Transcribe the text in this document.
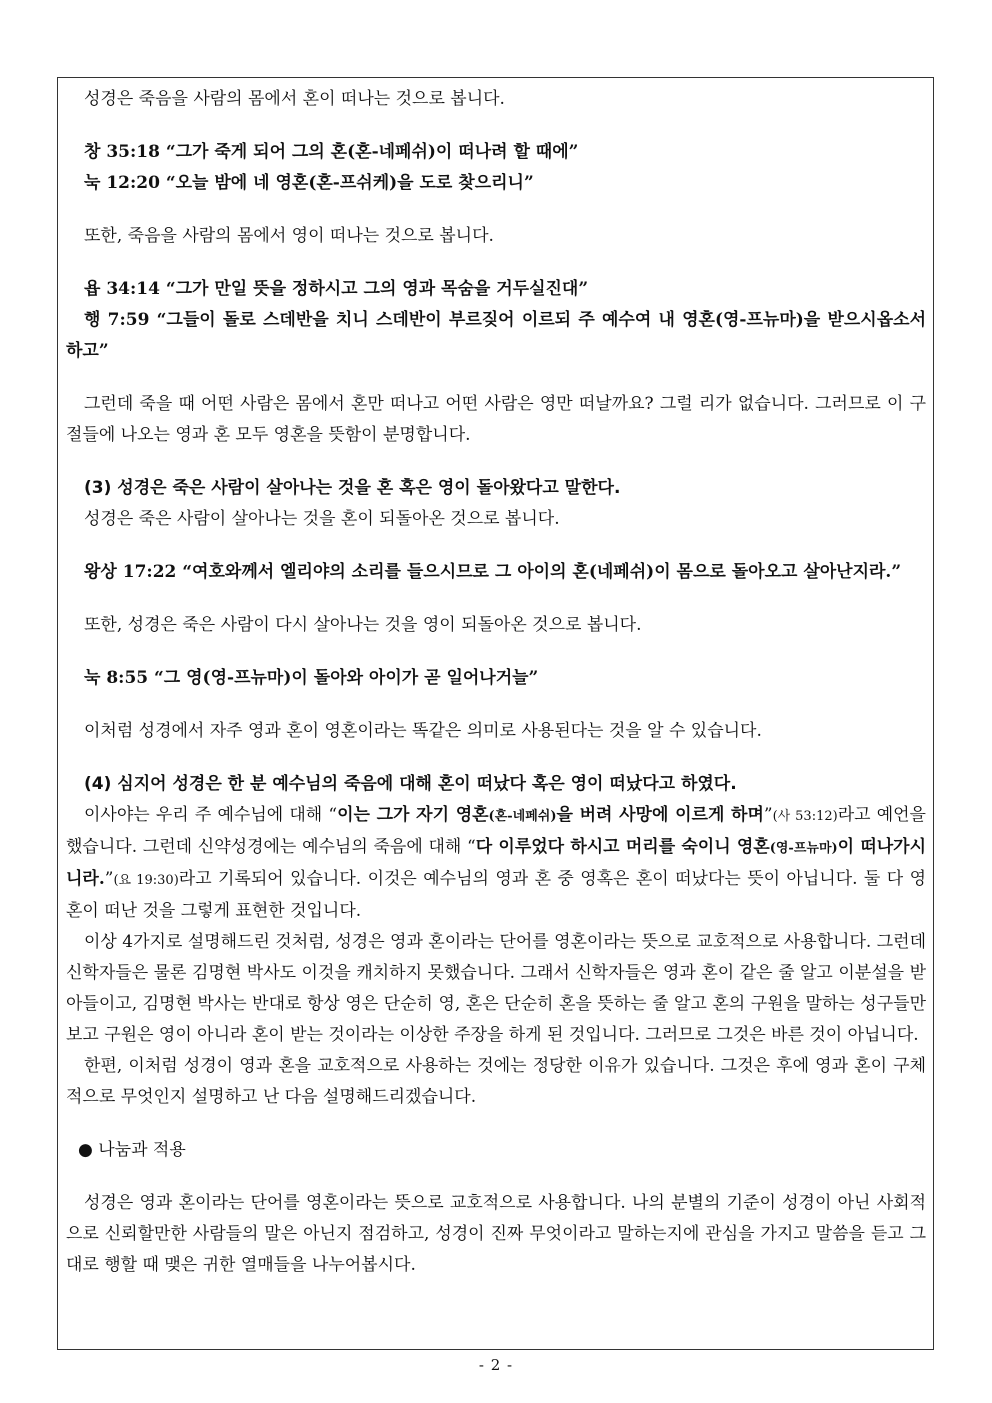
성경은 죽음을 사람의 몸에서 혼이 떠나는 것으로 봅니다.

창 35:18 “그가 죽게 되어 그의 혼(혼-네페쉬)이 떠나려 할 때에”

눅 12:20 “오늘 밤에 네 영혼(혼-프쉬케)을 도로 찾으리니”

또한, 죽음을 사람의 몸에서 영이 떠나는 것으로 봅니다.

욥 34:14 “그가 만일 뜻을 정하시고 그의 영과 목숨을 거두실진대”

행 7:59 “그들이 돌로 스데반을 치니 스데반이 부르짖어 이르되 주 예수여 내 영혼(영-프뉴마)을 받으시옵소서 하고”

그런데 죽을 때 어떤 사람은 몸에서 혼만 떠나고 어떤 사람은 영만 떠날까요? 그럴 리가 없습니다. 그러므로 이 구절들에 나오는 영과 혼 모두 영혼을 뜻함이 분명합니다.

(3) 성경은 죽은 사람이 살아나는 것을 혼 혹은 영이 돌아왔다고 말한다.

성경은 죽은 사람이 살아나는 것을 혼이 되돌아온 것으로 봅니다.

왕상 17:22 “여호와께서 엘리야의 소리를 들으시므로 그 아이의 혼(네페쉬)이 몸으로 돌아오고 살아난지라.”

또한, 성경은 죽은 사람이 다시 살아나는 것을 영이 되돌아온 것으로 봅니다.

눅 8:55 “그 영(영-프뉴마)이 돌아와 아이가 곧 일어나거늘”

이처럼 성경에서 자주 영과 혼이 영혼이라는 똑같은 의미로 사용된다는 것을 알 수 있습니다.

(4) 심지어 성경은 한 분 예수님의 죽음에 대해 혼이 떠났다 혹은 영이 떠났다고 하였다.

이사야는 우리 주 예수님에 대해 “이는 그가 자기 영혼(혼-네페쉬)을 버려 사망에 이르게 하며”(사 53:12)라고 예언을 했습니다. 그런데 신약성경에는 예수님의 죽음에 대해 “다 이루었다 하시고 머리를 숙이니 영혼(영-프뉴마)이 떠나가시니라.”(요 19:30)라고 기록되어 있습니다. 이것은 예수님의 영과 혼 중 영혹은 혼이 떠났다는 뜻이 아닙니다. 둘 다 영혼이 떠난 것을 그렇게 표현한 것입니다.

이상 4가지로 설명해드린 것처럼, 성경은 영과 혼이라는 단어를 영혼이라는 뜻으로 교호적으로 사용합니다. 그런데 신학자들은 물론 김명현 박사도 이것을 캐치하지 못했습니다. 그래서 신학자들은 영과 혼이 같은 줄 알고 이분설을 받아들이고, 김명현 박사는 반대로 항상 영은 단순히 영, 혼은 단순히 혼을 뜻하는 줄 알고 혼의 구원을 말하는 성구들만 보고 구원은 영이 아니라 혼이 받는 것이라는 이상한 주장을 하게 된 것입니다. 그러므로 그것은 바른 것이 아닙니다.

한편, 이처럼 성경이 영과 혼을 교호적으로 사용하는 것에는 정당한 이유가 있습니다. 그것은 후에 영과 혼이 구체적으로 무엇인지 설명하고 난 다음 설명해드리겠습니다.

● 나눔과 적용

성경은 영과 혼이라는 단어를 영혼이라는 뜻으로 교호적으로 사용합니다. 나의 분별의 기준이 성경이 아닌 사회적으로 신뢰할만한 사람들의 말은 아닌지 점검하고, 성경이 진짜 무엇이라고 말하는지에 관심을 가지고 말씀을 듣고 그대로 행할 때 맺은 귀한 열매들을 나누어봅시다.

- 2 -
